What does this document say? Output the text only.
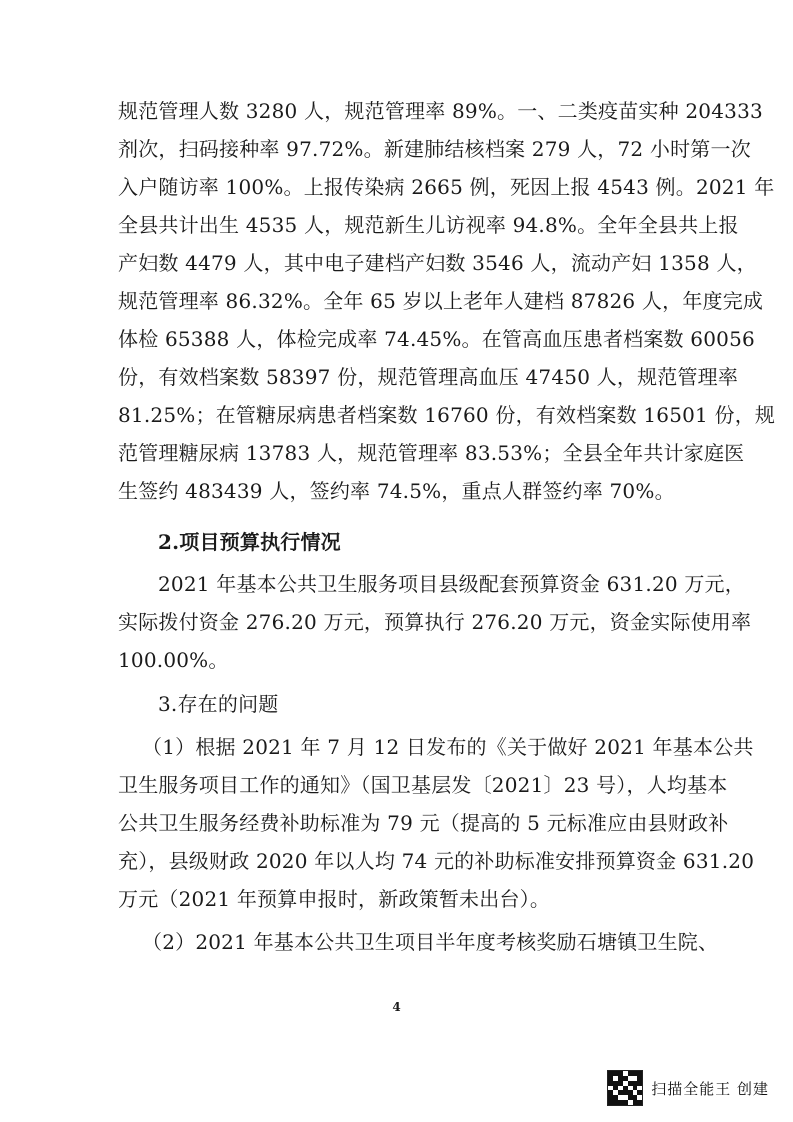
规范管理人数 3280 人，规范管理率 89%。一、二类疫苗实种 204333
剂次，扫码接种率 97.72%。新建肺结核档案 279 人，72 小时第一次
入户随访率 100%。上报传染病 2665 例，死因上报 4543 例。2021 年
全县共计出生 4535 人，规范新生儿访视率 94.8%。全年全县共上报
产妇数 4479 人，其中电子建档产妇数 3546 人，流动产妇 1358 人，
规范管理率 86.32%。全年 65 岁以上老年人建档 87826 人，年度完成
体检 65388 人，体检完成率 74.45%。在管高血压患者档案数 60056
份，有效档案数 58397 份，规范管理高血压 47450 人，规范管理率
81.25%；在管糖尿病患者档案数 16760 份，有效档案数 16501 份，规
范管理糖尿病 13783 人，规范管理率 83.53%；全县全年共计家庭医
生签约 483439 人，签约率 74.5%，重点人群签约率 70%。
2.项目预算执行情况
2021 年基本公共卫生服务项目县级配套预算资金 631.20 万元，
实际拨付资金 276.20 万元，预算执行 276.20 万元，资金实际使用率
100.00%。
3.存在的问题
（1）根据 2021 年 7 月 12 日发布的《关于做好 2021 年基本公共
卫生服务项目工作的通知》（国卫基层发〔2021〕23 号），人均基本
公共卫生服务经费补助标准为 79 元（提高的 5 元标准应由县财政补
充），县级财政 2020 年以人均 74 元的补助标准安排预算资金 631.20
万元（2021 年预算申报时，新政策暂未出台）。
（2）2021 年基本公共卫生项目半年度考核奖励石塘镇卫生院、
4
扫描全能王 创建
